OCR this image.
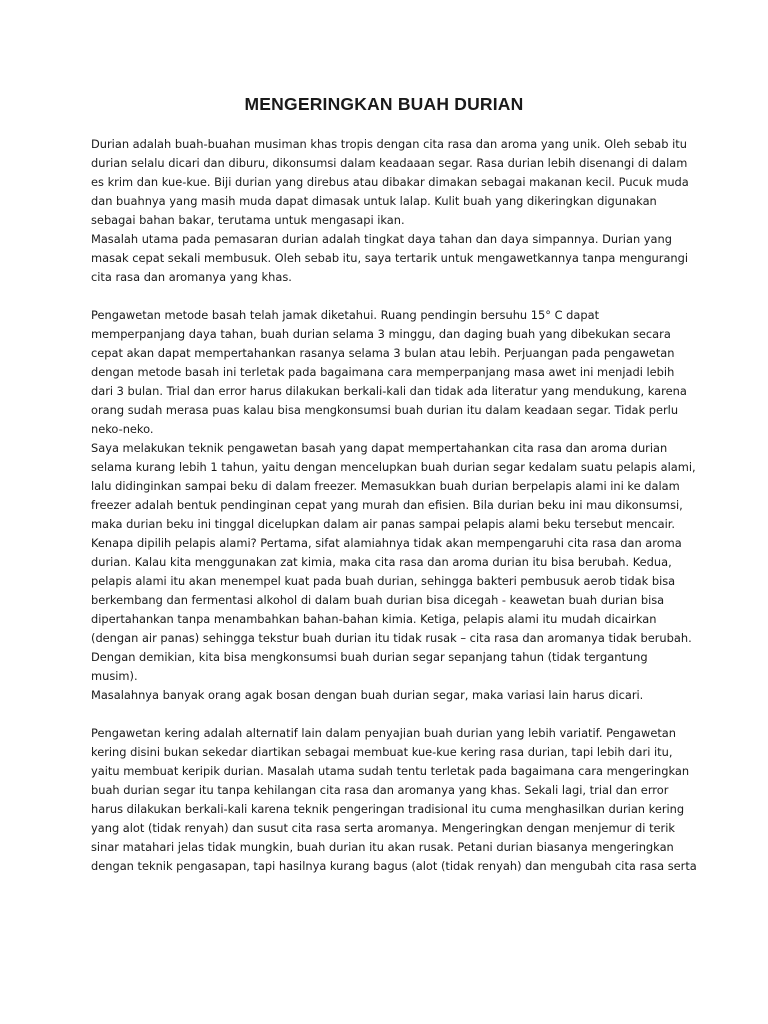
MENGERINGKAN BUAH DURIAN
Durian adalah buah-buahan musiman khas tropis dengan cita rasa dan aroma yang unik. Oleh sebab itu
durian selalu dicari dan diburu, dikonsumsi dalam keadaaan segar. Rasa durian lebih disenangi di dalam
es krim dan kue-kue. Biji durian yang direbus atau dibakar dimakan sebagai makanan kecil. Pucuk muda
dan buahnya yang masih muda dapat dimasak untuk lalap. Kulit buah yang dikeringkan digunakan
sebagai bahan bakar, terutama untuk mengasapi ikan.
Masalah utama pada pemasaran durian adalah tingkat daya tahan dan daya simpannya. Durian yang
masak cepat sekali membusuk. Oleh sebab itu, saya tertarik untuk mengawetkannya tanpa mengurangi
cita rasa dan aromanya yang khas.
Pengawetan metode basah telah jamak diketahui. Ruang pendingin bersuhu 15° C dapat
memperpanjang daya tahan, buah durian selama 3 minggu, dan daging buah yang dibekukan secara
cepat akan dapat mempertahankan rasanya selama 3 bulan atau lebih. Perjuangan pada pengawetan
dengan metode basah ini terletak pada bagaimana cara memperpanjang masa awet ini menjadi lebih
dari 3 bulan. Trial dan error harus dilakukan berkali-kali dan tidak ada literatur yang mendukung, karena
orang sudah merasa puas kalau bisa mengkonsumsi buah durian itu dalam keadaan segar. Tidak perlu
neko-neko.
Saya melakukan teknik pengawetan basah yang dapat mempertahankan cita rasa dan aroma durian
selama kurang lebih 1 tahun, yaitu dengan mencelupkan buah durian segar kedalam suatu pelapis alami,
lalu didinginkan sampai beku di dalam freezer. Memasukkan buah durian berpelapis alami ini ke dalam
freezer adalah bentuk pendinginan cepat yang murah dan efisien. Bila durian beku ini mau dikonsumsi,
maka durian beku ini tinggal dicelupkan dalam air panas sampai pelapis alami beku tersebut mencair.
Kenapa dipilih pelapis alami? Pertama, sifat alamiahnya tidak akan mempengaruhi cita rasa dan aroma
durian. Kalau kita menggunakan zat kimia, maka cita rasa dan aroma durian itu bisa berubah. Kedua,
pelapis alami itu akan menempel kuat pada buah durian, sehingga bakteri pembusuk aerob tidak bisa
berkembang dan fermentasi alkohol di dalam buah durian bisa dicegah - keawetan buah durian bisa
dipertahankan tanpa menambahkan bahan-bahan kimia. Ketiga, pelapis alami itu mudah dicairkan
(dengan air panas) sehingga tekstur buah durian itu tidak rusak – cita rasa dan aromanya tidak berubah.
Dengan demikian, kita bisa mengkonsumsi buah durian segar sepanjang tahun (tidak tergantung
musim).
Masalahnya banyak orang agak bosan dengan buah durian segar, maka variasi lain harus dicari.
Pengawetan kering adalah alternatif lain dalam penyajian buah durian yang lebih variatif. Pengawetan
kering disini bukan sekedar diartikan sebagai membuat kue-kue kering rasa durian, tapi lebih dari itu,
yaitu membuat keripik durian. Masalah utama sudah tentu terletak pada bagaimana cara mengeringkan
buah durian segar itu tanpa kehilangan cita rasa dan aromanya yang khas. Sekali lagi, trial dan error
harus dilakukan berkali-kali karena teknik pengeringan tradisional itu cuma menghasilkan durian kering
yang alot (tidak renyah) dan susut cita rasa serta aromanya. Mengeringkan dengan menjemur di terik
sinar matahari jelas tidak mungkin, buah durian itu akan rusak. Petani durian biasanya mengeringkan
dengan teknik pengasapan, tapi hasilnya kurang bagus (alot (tidak renyah) dan mengubah cita rasa serta
